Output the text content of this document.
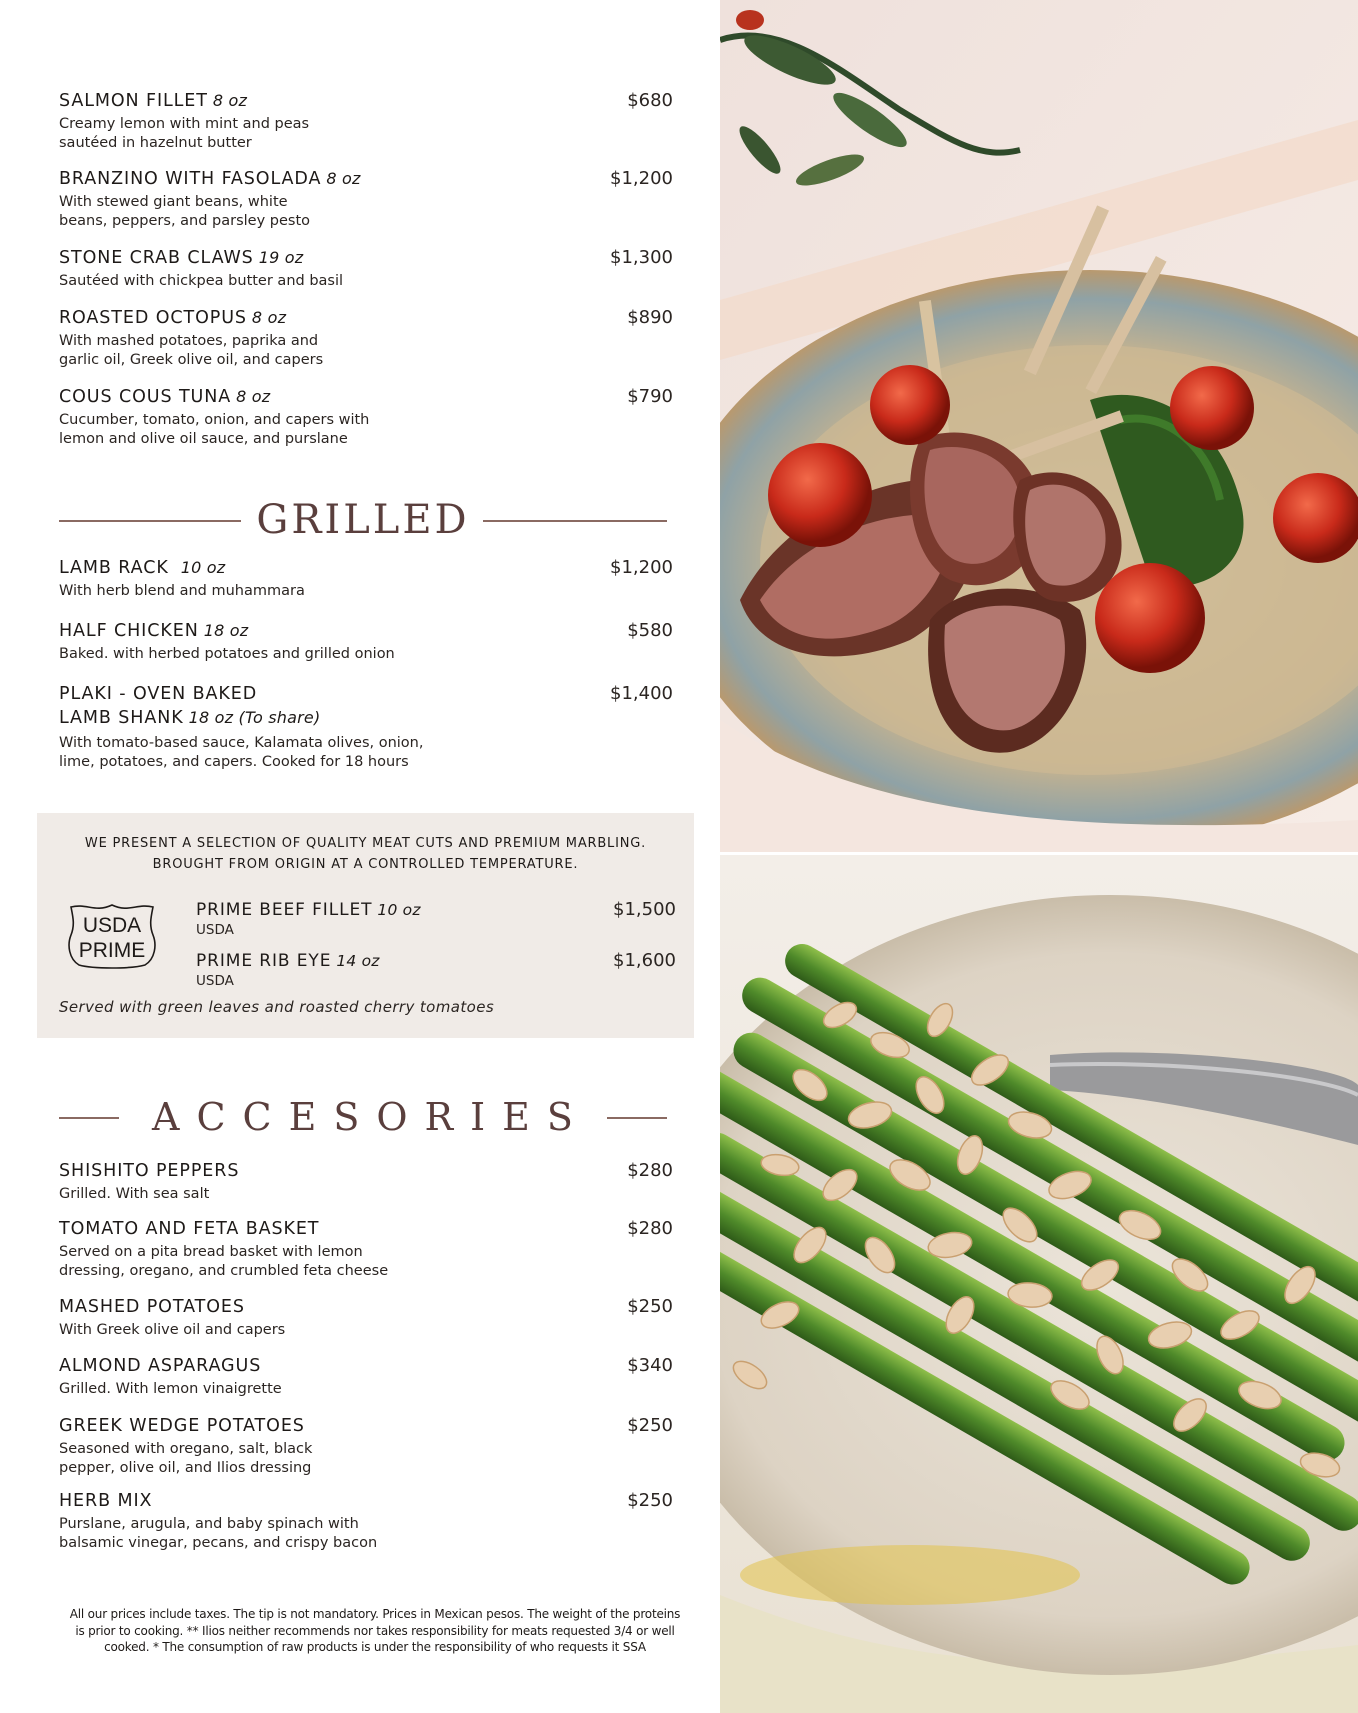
SALMON FILLET 8 oz
Creamy lemon with mint and peas
sautéed in hazelnut butter
$680
BRANZINO WITH FASOLADA 8 oz
With stewed giant beans, white
beans, peppers, and parsley pesto
$1,200
STONE CRAB CLAWS 19 oz
Sautéed with chickpea butter and basil
$1,300
ROASTED OCTOPUS 8 oz
With mashed potatoes, paprika and
garlic oil, Greek olive oil, and capers
$890
COUS COUS TUNA 8 oz
Cucumber, tomato, onion, and capers with
lemon and olive oil sauce, and purslane
$790
GRILLED
LAMB RACK 10 oz
With herb blend and muhammara
$1,200
HALF CHICKEN 18 oz
Baked. with herbed potatoes and grilled onion
$580
PLAKI - OVEN BAKED
LAMB SHANK 18 oz (To share)
With tomato-based sauce, Kalamata olives, onion,
lime, potatoes, and capers. Cooked for 18 hours
$1,400
WE PRESENT A SELECTION OF QUALITY MEAT CUTS AND PREMIUM MARBLING.
BROUGHT FROM ORIGIN AT A CONTROLLED TEMPERATURE.
USDA
PRIME
PRIME BEEF FILLET 10 oz
USDA
$1,500
PRIME RIB EYE 14 oz
USDA
$1,600
Served with green leaves and roasted cherry tomatoes
ACCESORIES
SHISHITO PEPPERS
Grilled. With sea salt
$280
TOMATO AND FETA BASKET
Served on a pita bread basket with lemon
dressing, oregano, and crumbled feta cheese
$280
MASHED POTATOES
With Greek olive oil and capers
$250
ALMOND ASPARAGUS
Grilled. With lemon vinaigrette
$340
GREEK WEDGE POTATOES
Seasoned with oregano, salt, black
pepper, olive oil, and Ilios dressing
$250
HERB MIX
Purslane, arugula, and baby spinach with
balsamic vinegar, pecans, and crispy bacon
$250
All our prices include taxes. The tip is not mandatory. Prices in Mexican pesos. The weight of the proteins
is prior to cooking. ** Ilios neither recommends nor takes responsibility for meats requested 3/4 or well
cooked. * The consumption of raw products is under the responsibility of who requests it SSA
